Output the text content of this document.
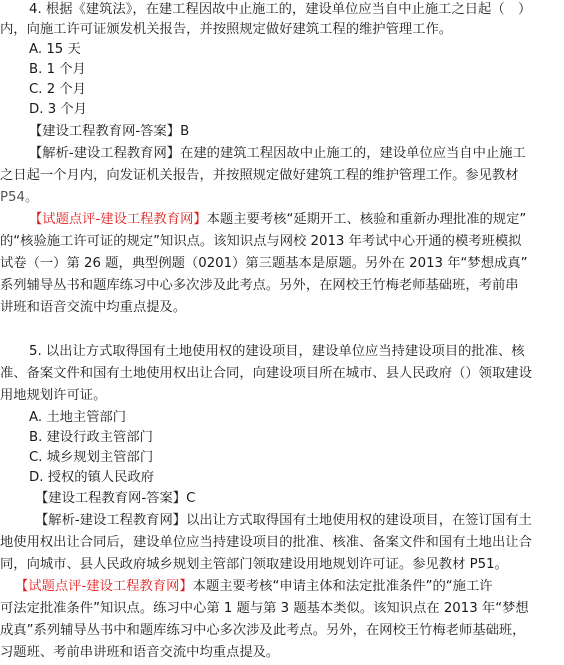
4. 根据《建筑法》，在建工程因故中止施工的，建设单位应当自中止施工之日起（　）
内，向施工许可证颁发机关报告，并按照规定做好建筑工程的维护管理工作。
A. 15 天
B. 1 个月
C. 2 个月
D. 3 个月
【建设工程教育网-答案】B
【解析-建设工程教育网】在建的建筑工程因故中止施工的，建设单位应当自中止施工
之日起一个月内，向发证机关报告，并按照规定做好建筑工程的维护管理工作。参见教材
P54。
【试题点评-建设工程教育网】本题主要考核“延期开工、核验和重新办理批准的规定”
的“核验施工许可证的规定”知识点。该知识点与网校 2013 年考试中心开通的模考班模拟
试卷（一）第 26 题，典型例题（0201）第三题基本是原题。另外在 2013 年“梦想成真”
系列辅导丛书和题库练习中心多次涉及此考点。另外，在网校王竹梅老师基础班，考前串
讲班和语音交流中均重点提及。
5. 以出让方式取得国有土地使用权的建设项目，建设单位应当持建设项目的批准、核
准、备案文件和国有土地使用权出让合同，向建设项目所在城市、县人民政府（）领取建设
用地规划许可证。
A. 土地主管部门
B. 建设行政主管部门
C. 城乡规划主管部门
D. 授权的镇人民政府
【建设工程教育网-答案】C
【解析-建设工程教育网】以出让方式取得国有土地使用权的建设项目，在签订国有土
地使用权出让合同后，建设单位应当持建设项目的批准、核准、备案文件和国有土地出让合
同，向城市、县人民政府城乡规划主管部门领取建设用地规划许可证。参见教材 P51。
【试题点评-建设工程教育网】本题主要考核“申请主体和法定批准条件”的“施工许
可法定批准条件”知识点。练习中心第 1 题与第 3 题基本类似。该知识点在 2013 年“梦想
成真”系列辅导丛书中和题库练习中心多次涉及此考点。另外，在网校王竹梅老师基础班，
习题班、考前串讲班和语音交流中均重点提及。
